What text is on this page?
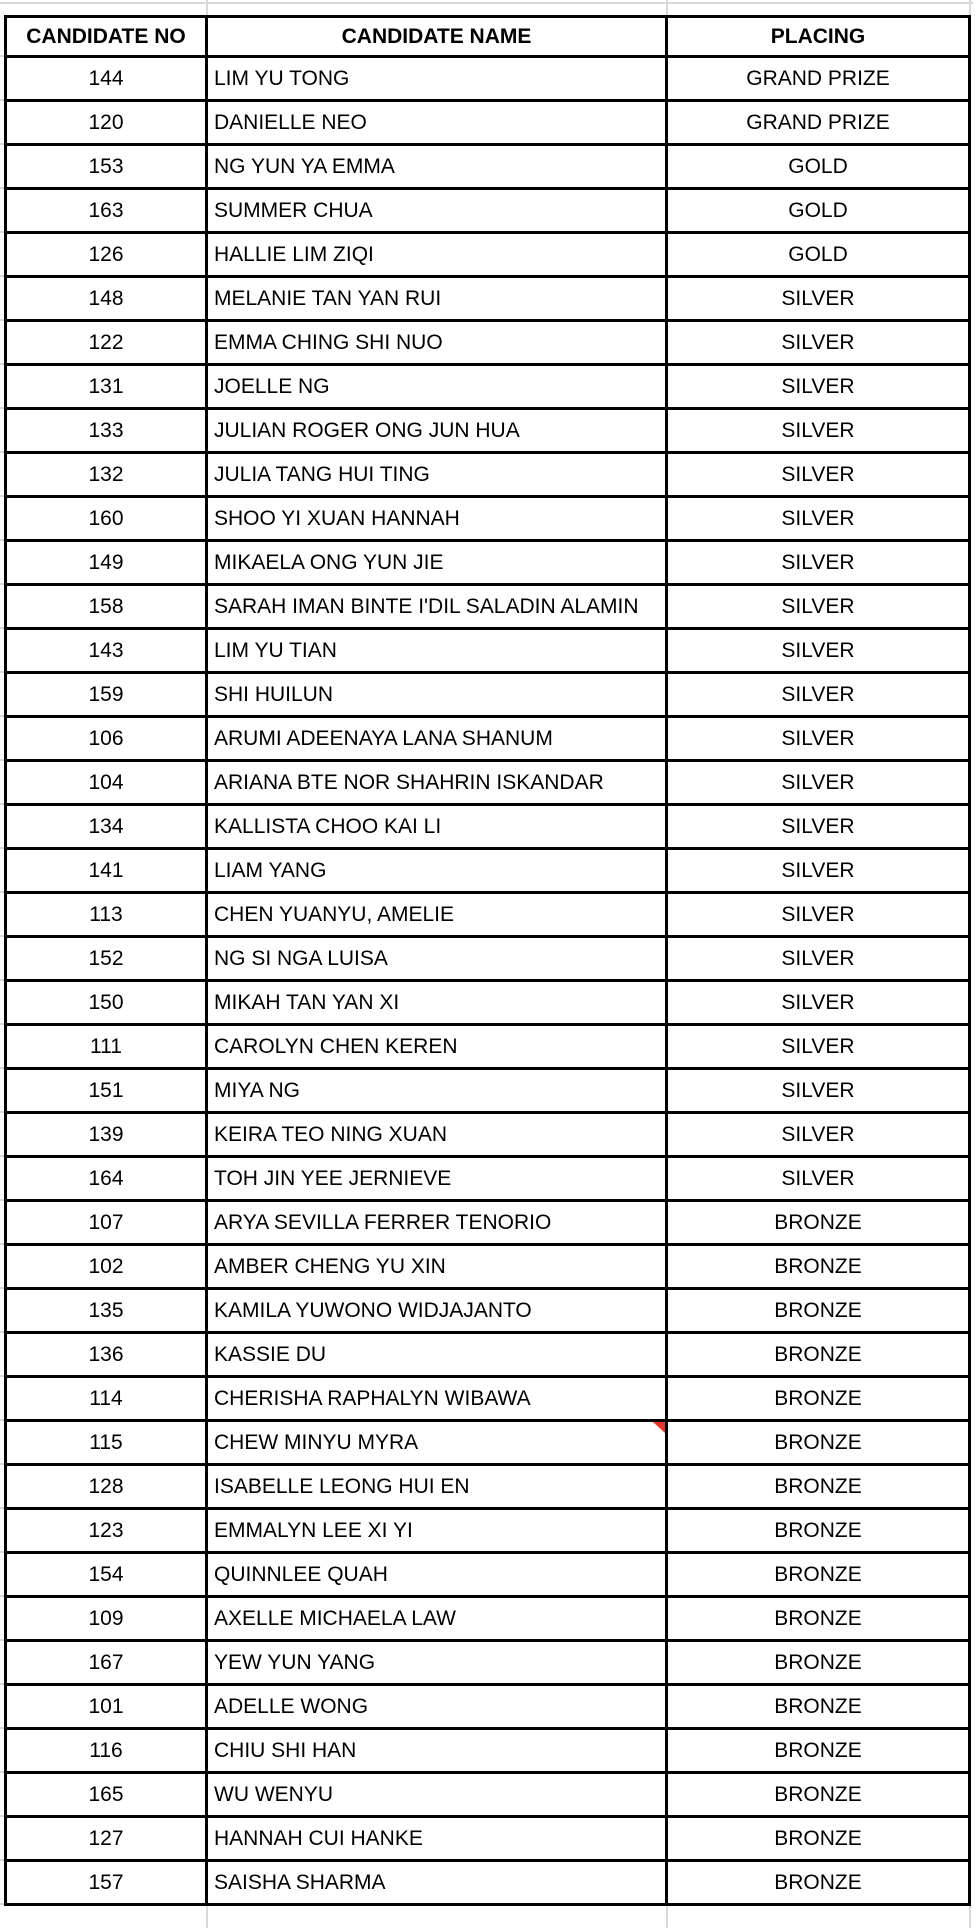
CANDIDATE NO	CANDIDATE NAME	PLACING
144	LIM YU TONG	GRAND PRIZE
120	DANIELLE NEO	GRAND PRIZE
153	NG YUN YA EMMA	GOLD
163	SUMMER CHUA	GOLD
126	HALLIE LIM ZIQI	GOLD
148	MELANIE TAN YAN RUI	SILVER
122	EMMA CHING SHI NUO	SILVER
131	JOELLE NG	SILVER
133	JULIAN ROGER ONG JUN HUA	SILVER
132	JULIA TANG HUI TING	SILVER
160	SHOO YI XUAN HANNAH	SILVER
149	MIKAELA ONG YUN JIE	SILVER
158	SARAH IMAN BINTE I'DIL SALADIN ALAMIN	SILVER
143	LIM YU TIAN	SILVER
159	SHI HUILUN	SILVER
106	ARUMI ADEENAYA LANA SHANUM	SILVER
104	ARIANA BTE NOR SHAHRIN ISKANDAR	SILVER
134	KALLISTA CHOO KAI LI	SILVER
141	LIAM YANG	SILVER
113	CHEN YUANYU, AMELIE	SILVER
152	NG SI NGA LUISA	SILVER
150	MIKAH TAN YAN XI	SILVER
111	CAROLYN CHEN KEREN	SILVER
151	MIYA NG	SILVER
139	KEIRA TEO NING XUAN	SILVER
164	TOH JIN YEE JERNIEVE	SILVER
107	ARYA SEVILLA FERRER TENORIO	BRONZE
102	AMBER CHENG YU XIN	BRONZE
135	KAMILA YUWONO WIDJAJANTO	BRONZE
136	KASSIE DU	BRONZE
114	CHERISHA RAPHALYN WIBAWA	BRONZE
115	CHEW MINYU MYRA	BRONZE
128	ISABELLE LEONG HUI EN	BRONZE
123	EMMALYN LEE XI YI	BRONZE
154	QUINNLEE QUAH	BRONZE
109	AXELLE MICHAELA LAW	BRONZE
167	YEW YUN YANG	BRONZE
101	ADELLE WONG	BRONZE
116	CHIU SHI HAN	BRONZE
165	WU WENYU	BRONZE
127	HANNAH CUI HANKE	BRONZE
157	SAISHA SHARMA	BRONZE
